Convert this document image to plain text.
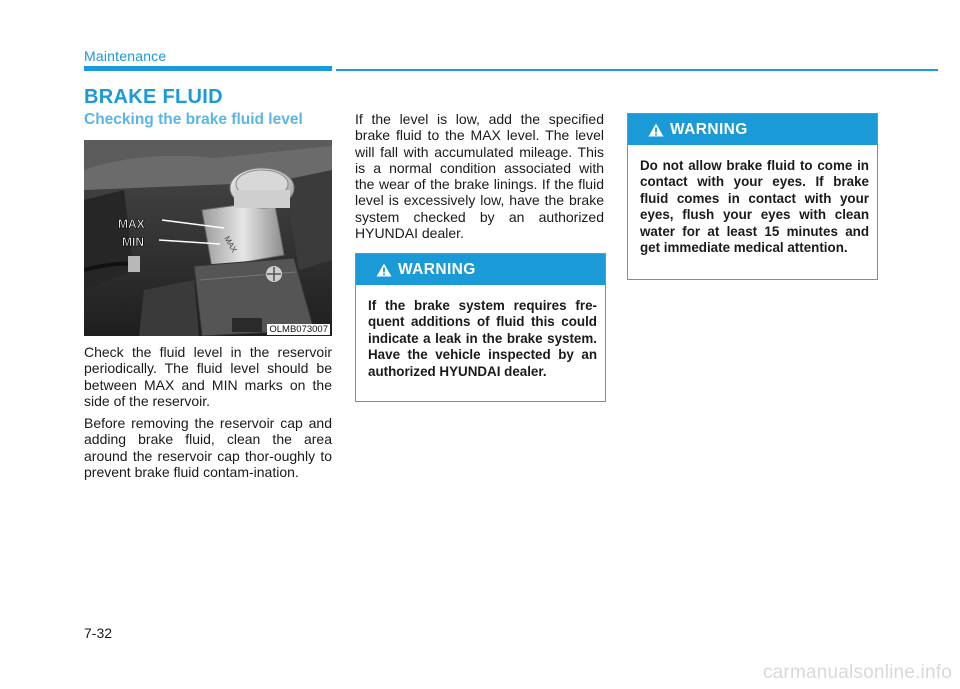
Maintenance
BRAKE FLUID
Checking the brake fluid level
MAX
MAX
MIN
OLMB073007

Check the fluid level in the reservoir periodically. The fluid level should be between MAX and MIN marks on the side of the reservoir.

Before removing the reservoir cap and adding brake fluid, clean the area around the reservoir cap thor-oughly to prevent brake fluid contam-ination.

If the level is low, add the specified brake fluid to the MAX level. The level will fall with accumulated mileage. This is a normal condition associated with the wear of the brake linings. If the fluid level is excessively low, have the brake system checked by an authorized HYUNDAI dealer.

WARNING
If the brake system requires fre-quent additions of fluid this could indicate a leak in the brake system. Have the vehicle inspected by an authorized HYUNDAI dealer.
WARNING
Do not allow brake fluid to come in contact with your eyes. If brake fluid comes in contact with your eyes, flush your eyes with clean water for at least 15 minutes and get immediate medical attention.
7-32
carmanualsonline.info
